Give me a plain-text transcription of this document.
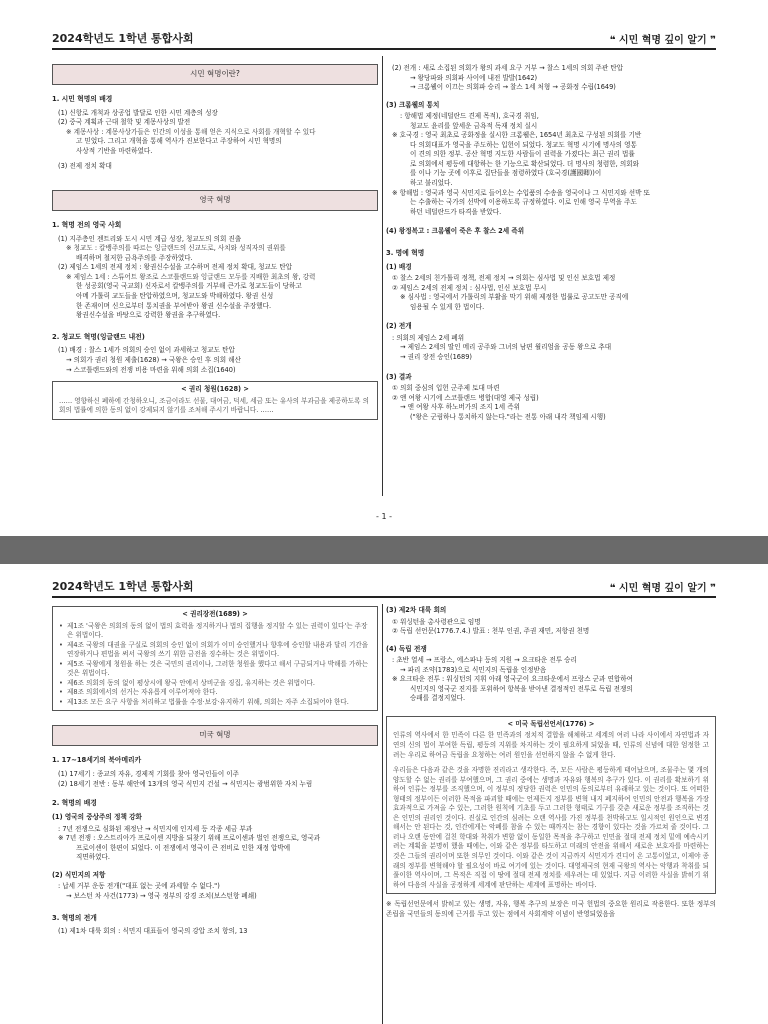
2024학년도 1학년 통합사회	❝ 시민 혁명 깊이 알기 ❞
시민 혁명이란?
1. 시민 혁명의 배경
(1) 신항로 개척과 상공업 발달로 인한 시민 계층의 성장
(2) 중국 계획과 근대 철학 및 계몽사상의 발전
※ 계몽사상 : 계몽사상가들은 인간의 이성을 통해 얻은 지식으로 사회를 개혁할 수 있다
고 믿었다. 그리고 개혁을 통해 역사가 진보한다고 주장하여 시민 혁명의
사상적 기반을 마련하였다.
(3) 전제 정치 확대
영국 혁명
1. 혁명 전의 영국 사회
(1) 지주층인 젠트리와 도시 시민 계급 성장, 청교도의 의회 진출
※ 청교도 : 칼뱅주의를 따르는 잉글랜드의 신교도로, 사치와 성직자의 권위를
배격하며 철저한 금욕주의를 주장하였다.
(2) 제임스 1세의 전제 정치 : 왕권신수설을 고수하며 전제 정치 확대, 청교도 탄압
※ 제임스 1세 : 스튜어트 왕조로 스코틀랜드와 잉글랜드 모두를 지배한 최초의 왕, 강력
한 성공회(영국 국교회) 신자로서 칼뱅주의를 거부해 큰가로 청교도들이 당하고
아메 가톨릭 교도들을 탄압하였으며, 청교도와 박해하였다. 왕권 신성
한 존재이며 신으로부터 통치권을 부여받아 왕권 신수설을 주장했다.
왕권신수설을 바탕으로 강력한 왕권을 추구하였다.
2. 청교도 혁명(잉글랜드 내전)
(1) 배경 : 찰스 1세가 의회의 승인 없이 과세하고 청교도 탄압
→ 의회가 권리 청원 제출(1628) → 국왕은 승인 후 의회 해산
→ 스코틀랜드와의 전쟁 비용 마련을 위해 의회 소집(1640)
< 권리 청원(1628) >

…… 영향하신 폐하에 간청하오니, 조금이라도 선물, 대여금, 덕세, 세금 또는 유사의 부과금을 제공하도록 의회의 법률에 의한 동의 없이 강제되지 않기를 조처해 주시기 바랍니다. ……

(2) 전개 : 새로 소집된 의회가 왕의 과세 요구 거부 → 찰스 1세의 의회 주관 탄압
→ 왕당파와 의회파 사이에 내전 발발(1642)
→ 크롬웰이 이끄는 의회파 승리 → 찰스 1세 처형 → 공화정 수립(1649)
(3) 크롬웰의 통치
: 항해법 제정(네덜란드 견제 목적), 호국경 취임,
청교도 윤리를 앞세운 금욕적 독재 정치 실시
※ 호국경 : 영국 최초로 공화정을 실시한 크롬웰은, 1654년 최초로 구성된 의회를 기반
다 의회대표가 영국을 주도하는 입헌이 되었다. 청교도 혁명 시기에 명사의 영통
이 견의 의한 정부. 공산 혁명 지도한 사람들이 권력을 가졌다는 최근 권리 법률
로 의회에서 평등에 대항하는 한 기능으로 확산되었다. 더 명사의 청렴한, 의회와
를 이나 기능 곳에 이후로 집단들을 점령하였다 (호국경(護國卿))이
하고 불리었다.
※ 항해법 : 영국과 영국 식민지로 들어오는 수입품의 수송을 영국이나 그 식민지와 선박 또
는 수출하는 국가의 선박에 이용하도록 규정하였다. 이로 인해 영국 무역을 주도
하던 네덜란드가 타격을 받았다.
(4) 왕정복고 : 크롬웰이 죽은 후 찰스 2세 즉위
3. 명예 혁명
(1) 배경
① 찰스 2세의 친가톨릭 정책, 전제 정치 → 의회는 심사법 및 인신 보호법 제정
② 제임스 2세의 전제 정치 : 심사법, 인신 보호법 무시
※ 심사법 : 영국에서 가톨릭의 부활을 막기 위해 제정한 법률로 공고도만 공직에
임용될 수 있게 한 법이다.
(2) 전개
: 의회의 제임스 2세 폐위
→ 제임스 2세의 딸인 메리 공주와 그녀의 남편 윌리엄을 공동 왕으로 추대
→ 권리 장전 승인(1689)
(3) 결과
① 의회 중심의 입헌 군주제 토대 마련
② 앤 여왕 시기에 스코틀랜드 병합(대영 제국 성립)
→ 앤 여왕 사후 하노버가의 조지 1세 즉위
("왕은 군림하나 통치하지 않는다."라는 전통 아래 내각 책임제 시행)
- 1 -
2024학년도 1학년 통합사회	❝ 시민 혁명 깊이 알기 ❞
< 권리장전(1689) >
• 제1조 '국왕은 의회의 동의 없이 법의 효력을 정지하거나 법의 집행을 정지할 수 있는 권력이 있다'는 주장은 위법이다.
• 제4조 국왕의 대권을 구실로 의회의 승인 없이 의회가 이미 승인했거나 향후에 승인할 내용과 달리 기간을 연장하거나 편법을 써서 국왕의 쓰기 위한 금전을 징수하는 것은 위법이다.
• 제5조 국왕에게 청원을 하는 것은 국민의 권리이나, 그러한 청원을 했다고 해서 구금되거나 박해를 가하는 것은 위법이다.
• 제6조 의회의 동의 없이 평상시에 왕국 안에서 상비군을 징집, 유지하는 것은 위법이다.
• 제8조 의회에서의 선거는 자유롭게 이루어져야 한다.
• 제13조 모든 요구 사항을 처리하고 법률을 수정·보강·유지하기 위해, 의회는 자주 소집되어야 한다.
미국 혁명
1. 17~18세기의 북아메리카
(1) 17세기 : 종교의 자유, 경제적 기회를 찾아 영국인들이 이주
(2) 18세기 전반 : 동부 해안에 13개의 영국 식민지 건설 → 식민지는 광범위한 자치 누림
2. 혁명의 배경
(1) 영국의 중상주의 정책 강화
: 7년 전쟁으로 심화된 재정난 → 식민지에 인지세 등 각종 세금 부과
※ 7년 전쟁 : 오스트리아가 프로이센 지방을 되찾기 위해 프로이센과 벌인 전쟁으로, 영국과
프로이센이 한편이 되었다. 이 전쟁에서 영국이 큰 전비로 인한 재정 압박에
직면하였다.
(2) 식민지의 저항
: 납세 거부 운동 전개("대표 없는 곳에 과세할 수 없다.")
→ 보스턴 차 사건(1773) → 영국 정부의 강경 조치(보스턴항 폐쇄)
3. 혁명의 전개
(1) 제1차 대륙 회의 : 식민지 대표들이 영국의 강압 조치 항의, 13
(3) 제2차 대륙 회의
① 워싱턴을 총사령관으로 임명
② 독립 선언문(1776.7.4.) 발표 : 천부 인권, 주권 재민, 저항권 천명
(4) 독립 전쟁
: 초반 열세 → 프랑스, 에스파냐 등의 지원 → 요크타운 전투 승리
→ 파리 조약(1783)으로 식민지의 독립을 인정받음
※ 요크타운 전투 : 워싱턴의 지휘 아래 영국군이 요크타운에서 프랑스 군과 연합하여
식민지의 영국군 진지를 포위하여 항복을 받아낸 결정적인 전투로 독립 전쟁의
승패를 결정지었다.
< 미국 독립선언서(1776) >

인류의 역사에서 한 민족이 다른 한 민족과의 정치적 결합을 해체하고 세계의 여러 나라 사이에서 자연법과 자연의 신의 법이 부여한 독립, 평등의 지위를 차지하는 것이 필요하게 되었을 때, 인류의 신념에 대한 엄정한 고려는 우리로 하여금 독립을 요청하는 여러 원인을 선언하지 않을 수 없게 한다.

우리들은 다음과 같은 것을 자명한 진리라고 생각한다. 즉, 모든 사람은 평등하게 태어났으며, 조물주는 몇 개의 양도할 수 없는 권리를 부여했으며, 그 권리 중에는 생명과 자유와 행복의 추구가 있다. 이 권리를 확보하기 위하여 인류는 정부를 조직했으며, 이 정부의 정당한 권력은 인민의 동의로부터 유래하고 있는 것이다. 또 어떠한 형태의 정부이든 이러한 목적을 파괴할 때에는 언제든지 정부를 변혁 내지 폐지하여 인민의 안전과 행복을 가장 효과적으로 가져올 수 있는, 그러한 원칙에 기초를 두고 그러한 형태로 기구를 갖춘 새로운 정부를 조직하는 것은 인민의 권리인 것이다. 진실로 인간의 심려는 오랜 역사를 가진 정부를 천박하고도 일시적인 원인으로 변경해서는 안 된다는 것, 인간에게는 악폐를 참을 수 있는 때까지는 참는 경향이 있다는 것을 가르쳐 줄 것이다. 그러나 오랜 동안에 걸친 학대와 착취가 변함 없이 동일한 목적을 추구하고 인민을 절대 전제 정치 밑에 예속시키려는 계획을 분명히 했을 때에는, 이와 같은 정부를 타도하고 미래의 안전을 위해서 새로운 보호자를 마련하는 것은 그들의 권리이며 또한 의무인 것이다. 이와 같은 것이 지금까지 식민지가 견디어 온 고통이었고, 이제야 종래의 정부를 변혁해야 할 필요성이 바로 여기에 있는 것이다. 대영제국의 현재 국왕의 역사는 악행과 착취를 되풀이한 역사이며, 그 목적은 직접 이 땅에 절대 전제 정치를 세우려는 데 있었다. 지금 이러한 사실을 밝히기 위하여 다음의 사실을 공정하게 세계에 판단하는 세계에 표명하는 바이다.

※ 독립선언문에서 밝히고 있는 생명, 자유, 행복 추구의 보장은 미국 헌법의 중요한 원리로 작용한다. 또한 정부의 존립을 국민들의 동의에 근거를 두고 있는 점에서 사회계약 이념이 반영되었음을
